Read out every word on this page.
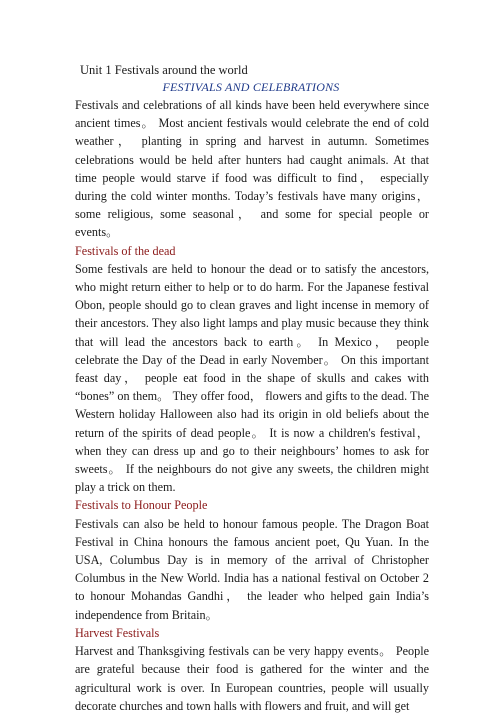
Unit 1 Festivals around the world
FESTIVALS AND CELEBRATIONS

Festivals and celebrations of all kinds have been held everywhere since ancient times。 Most ancient festivals would celebrate the end of cold weather， planting in spring and harvest in autumn. Sometimes celebrations would be held after hunters had caught animals. At that time people would starve if food was difficult to find， especially during the cold winter months. Today’s festivals have many origins， some religious, some seasonal， and some for special people or events。

Festivals of the dead

Some festivals are held to honour the dead or to satisfy the ancestors, who might return either to help or to do harm. For the Japanese festival Obon, people should go to clean graves and light incense in memory of their ancestors. They also light lamps and play music because they think that will lead the ancestors back to earth。 In Mexico， people celebrate the Day of the Dead in early November。 On this important feast day， people eat food in the shape of skulls and cakes with “bones” on them。 They offer food， flowers and gifts to the dead. The Western holiday Halloween also had its origin in old beliefs about the return of the spirits of dead people。 It is now a children's festival， when they can dress up and go to their neighbours’ homes to ask for sweets。 If the neighbours do not give any sweets, the children might play a trick on them.

Festivals to Honour People

Festivals can also be held to honour famous people. The Dragon Boat Festival in China honours the famous ancient poet, Qu Yuan. In the USA, Columbus Day is in memory of the arrival of Christopher Columbus in the New World. India has a national festival on October 2 to honour Mohandas Gandhi， the leader who helped gain India’s independence from Britain。

Harvest Festivals

Harvest and Thanksgiving festivals can be very happy events。 People are grateful because their food is gathered for the winter and the agricultural work is over. In European countries, people will usually decorate churches and town halls with flowers and fruit, and will get
